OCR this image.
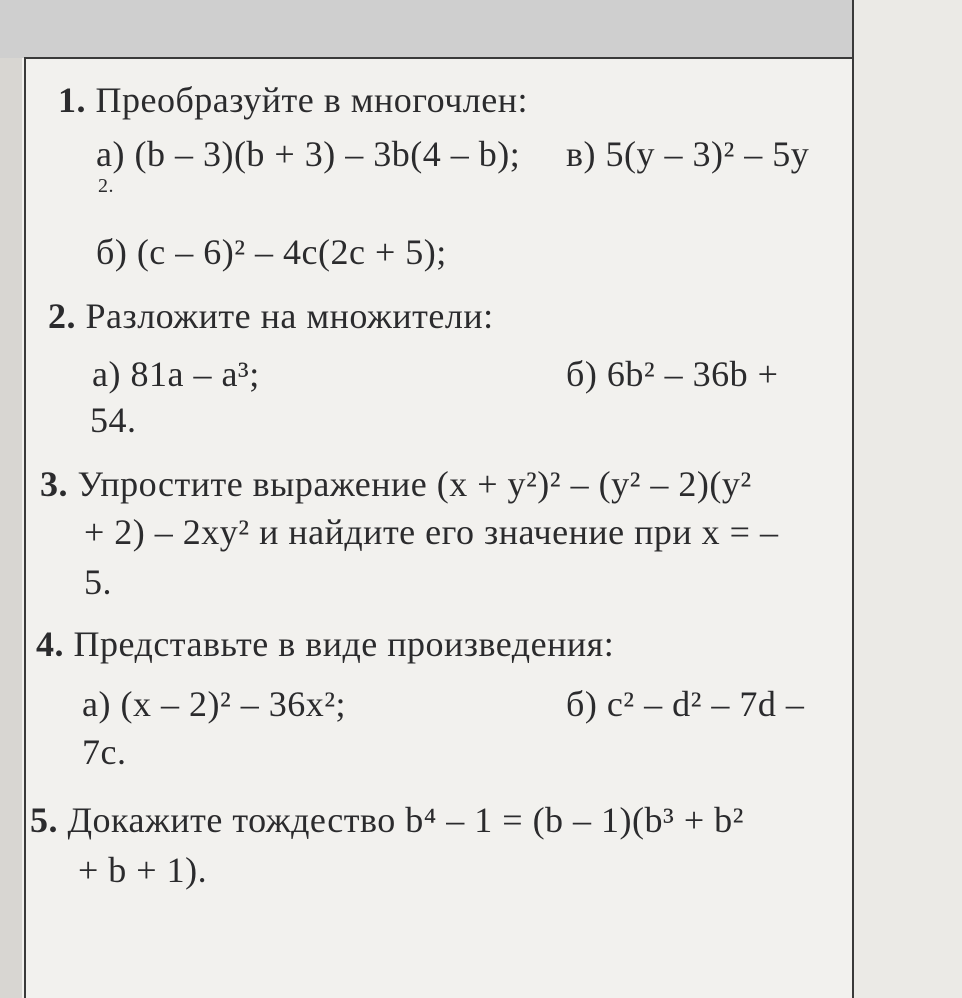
1. Преобразуйте в многочлен:
а) (b – 3)(b + 3) – 3b(4 – b); в) 5(y – 3)² – 5y
2.
б) (c – 6)² – 4c(2c + 5);
2. Разложите на множители:
а) 81a – a³;	б) 6b² – 36b +
54.
3. Упростите выражение (x + y²)² – (y² – 2)(y²
+ 2) – 2xy² и найдите его значение при x = –
5.
4. Представьте в виде произведения:
а) (x – 2)² – 36x²;	б) c² – d² – 7d –
7c.
5. Докажите тождество b⁴ – 1 = (b – 1)(b³ + b²
+ b + 1).
